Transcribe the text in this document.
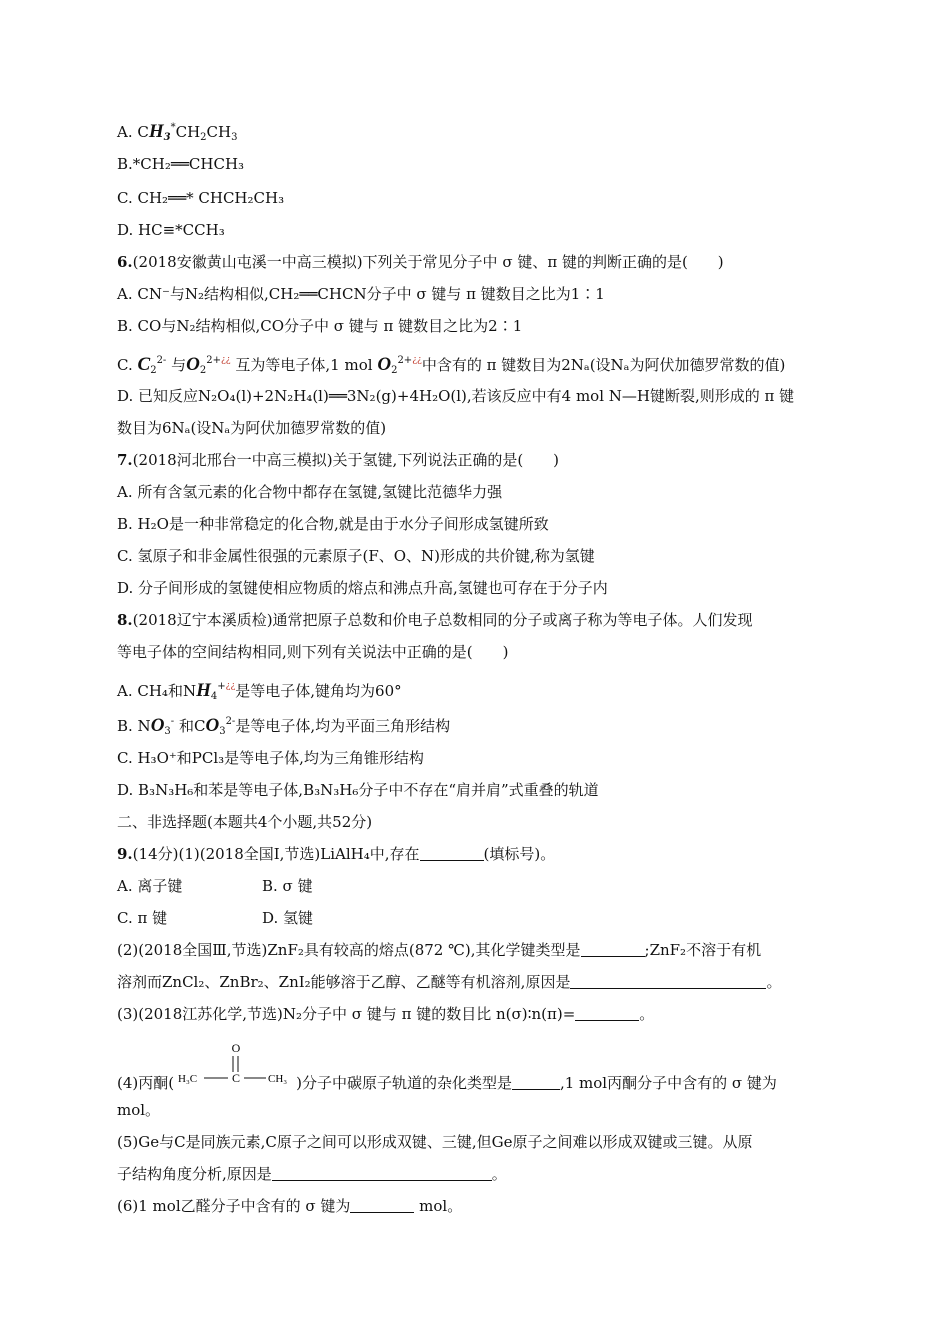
A. $CH_3^*CH_2CH_3$
B.*CH₂══CHCH₃
C. CH₂══* CHCH₂CH₃
D. HC≡*CCH₃
6.(2018安徽黄山屯溪一中高三模拟)下列关于常见分子中 σ 键、π 键的判断正确的是(　　)
A. CN⁻与N₂结构相似,CH₂══CHCN分子中 σ 键与 π 键数目之比为1∶1
B. CO与N₂结构相似,CO分子中 σ 键与 π 键数目之比为2∶1
C. $C_2^{2-}$ 与$O_2^{2+¿¿}$ 互为等电子体,1 mol $O_2^{2+¿¿}$中含有的 π 键数目为2Nₐ(设Nₐ为阿伏加德罗常数的值)
D. 已知反应N₂O₄(l)+2N₂H₄(l)══3N₂(g)+4H₂O(l),若该反应中有4 mol N—H键断裂,则形成的 π 键
数目为6Nₐ(设Nₐ为阿伏加德罗常数的值)
7.(2018河北邢台一中高三模拟)关于氢键,下列说法正确的是(　　)
A. 所有含氢元素的化合物中都存在氢键,氢键比范德华力强
B. H₂O是一种非常稳定的化合物,就是由于水分子间形成氢键所致
C. 氢原子和非金属性很强的元素原子(F、O、N)形成的共价键,称为氢键
D. 分子间形成的氢键使相应物质的熔点和沸点升高,氢键也可存在于分子内
8.(2018辽宁本溪质检)通常把原子总数和价电子总数相同的分子或离子称为等电子体。人们发现
等电子体的空间结构相同,则下列有关说法中正确的是(　　)
A. CH₄和$NH_4^{+¿¿}$是等电子体,键角均为60°
B. $NO_3^-$ 和$CO_3^{2-}$是等电子体,均为平面三角形结构
C. H₃O⁺和PCl₃是等电子体,均为三角锥形结构
D. B₃N₃H₆和苯是等电子体,B₃N₃H₆分子中不存在“肩并肩”式重叠的轨道
二、非选择题(本题共4个小题,共52分)
9.(14分)(1)(2018全国Ⅰ,节选)LiAlH₄中,存在	(填标号)。
A. 离子键	B. σ 键
C. π 键	D. 氢键
(2)(2018全国Ⅲ,节选)ZnF₂具有较高的熔点(872 ℃),其化学键类型是	;ZnF₂不溶于有机
溶剂而ZnCl₂、ZnBr₂、ZnI₂能够溶于乙醇、乙醚等有机溶剂,原因是	。
(3)(2018江苏化学,节选)N₂分子中 σ 键与 π 键的数目比 n(σ)∶n(π)=	。
(4)丙酮(
O
H₃C	C	CH₃ )分子中碳原子轨道的杂化类型是	,1 mol丙酮分子中含有的 σ 键为
mol。
(5)Ge与C是同族元素,C原子之间可以形成双键、三键,但Ge原子之间难以形成双键或三键。从原
子结构角度分析,原因是	。
(6)1 mol乙醛分子中含有的 σ 键为	mol。
